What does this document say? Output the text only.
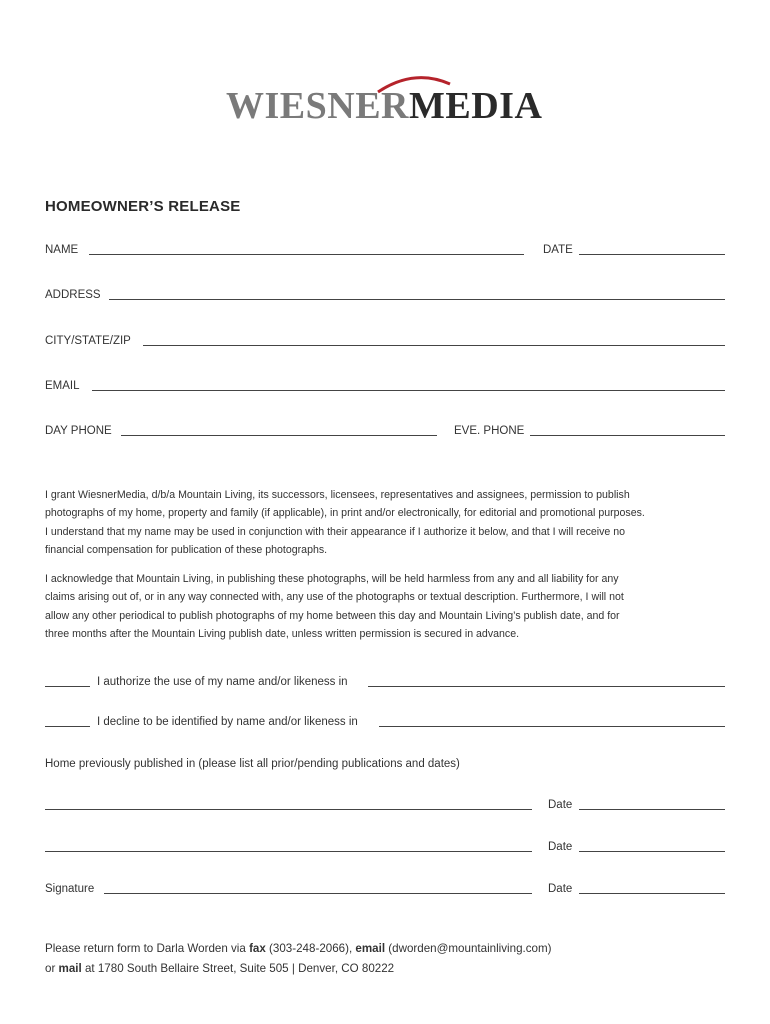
WIESNERMEDIA
HOMEOWNER’S RELEASE
NAME	DATE
ADDRESS
CITY/STATE/ZIP
EMAIL
DAY PHONE	EVE. PHONE
I grant WiesnerMedia, d/b/a Mountain Living, its successors, licensees, representatives and assignees, permission to publish
photographs of my home, property and family (if applicable), in print and/or electronically, for editorial and promotional purposes.
I understand that my name may be used in conjunction with their appearance if I authorize it below, and that I will receive no
financial compensation for publication of these photographs.
I acknowledge that Mountain Living, in publishing these photographs, will be held harmless from any and all liability for any
claims arising out of, or in any way connected with, any use of the photographs or textual description. Furthermore, I will not
allow any other periodical to publish photographs of my home between this day and Mountain Living’s publish date, and for
three months after the Mountain Living publish date, unless written permission is secured in advance.
I authorize the use of my name and/or likeness in
I decline to be identified by name and/or likeness in
Home previously published in (please list all prior/pending publications and dates)
Date
Date
Signature	Date
Please return form to Darla Worden via fax (303-248-2066), email (dworden@mountainliving.com)
or mail at 1780 South Bellaire Street, Suite 505 | Denver, CO 80222
